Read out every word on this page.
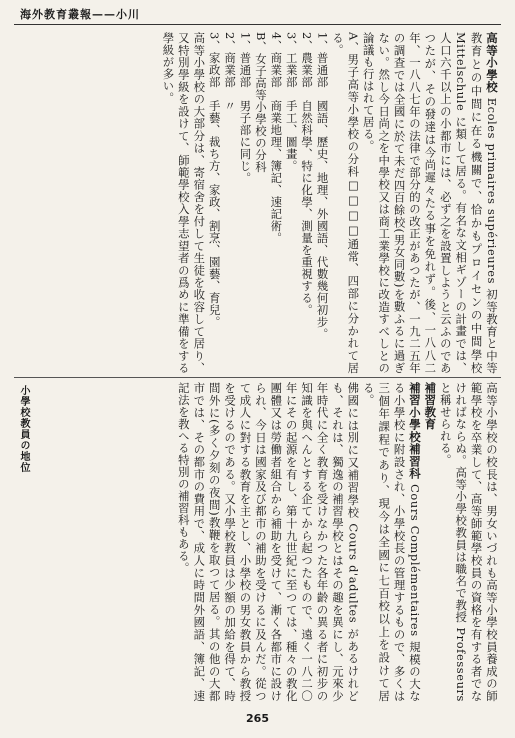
海外教育叢報——小川

高等小學校 Ecoles primaires supérieures 初等教育と中等教育との中間に在る機關で、恰かもプロイセンの中間學校 Mittelschule に類して居る。有名な文相ギゾーの計畫では、人口六千以上の小都市には、必ず之を設置しようと云ふのであつたが、その發達は今尚遲々たる事を免れず。後、一八八二年、一八八七年の法律で部分的の改正があつたが、一九二五年の調査では全國に於て未だ四百餘校(男女同數)を數ふるに過ぎない。然し今日尚之を中學校又は商工業學校に改造すべしとの論議も行はれて居る。

A、男子高等小學校の分科□□□□通常、四部に分かれて居る。

1、普通部　國語、歷史、地理、外國語、代數幾何初步。

2、農業部　自然科學、特に化學、測量を重視する。

3、工業部　手工、圖畫。

4、商業部　商業地理、簿記、速記術。

B、女子高等小學校の分科

1、普通部　男子部に同じ。

2、商業部　〃

3、家政部　手藝、裁ち方、家政、割烹、園藝、育兒。

高等小學校の大部分は、寄宿舍を付して生徒を收容して居り、又特別學級を設けて、師範學校入學志望者の爲めに準備をする學級が多い。

高等小學校の校長は、男女いづれも高等小學校員養成の師範學校を卒業して、高等師範學校員の資格を有する者でなければならぬ。高等小學校教員は職名で教授 Professeurs と稱せられる。

補習教育

補習小學校補習科 Cours Complémentaires 規模の大なる小學校に附設され、小學校長の管理するもので、多くは三個年課程であり、現今は全國に七百校以上を設けて居る。

佛國には別に又補習學校 Cours d'adultes があるけれども、それは、獨逸の補習學校とはその趣を異にし、元來少年時代に全く教育を受けなかつた各年齡の異る者に初步の知識を與へんとする企てから起つたもので、遠く一八二〇年にその起源を有し、第十九世紀に至つては、種々の教化團體又は勞働者組合から補助を受けて、漸く各都市に設けられ、今日は國家及び都市の補助を受けるに及んだ。從つて成人に對する教育を主とし、小學校の男女教員から教授を受けるのである。又小學校教員は少額の加給を得て、時間外に(多く夕刻の夜間)教鞭を取つて居る。其の他の大都市では、その都市の費用で、成人に時間外國語、簿記、速記法を教へる特別の補習科もある。

小學校教員の地位
265
